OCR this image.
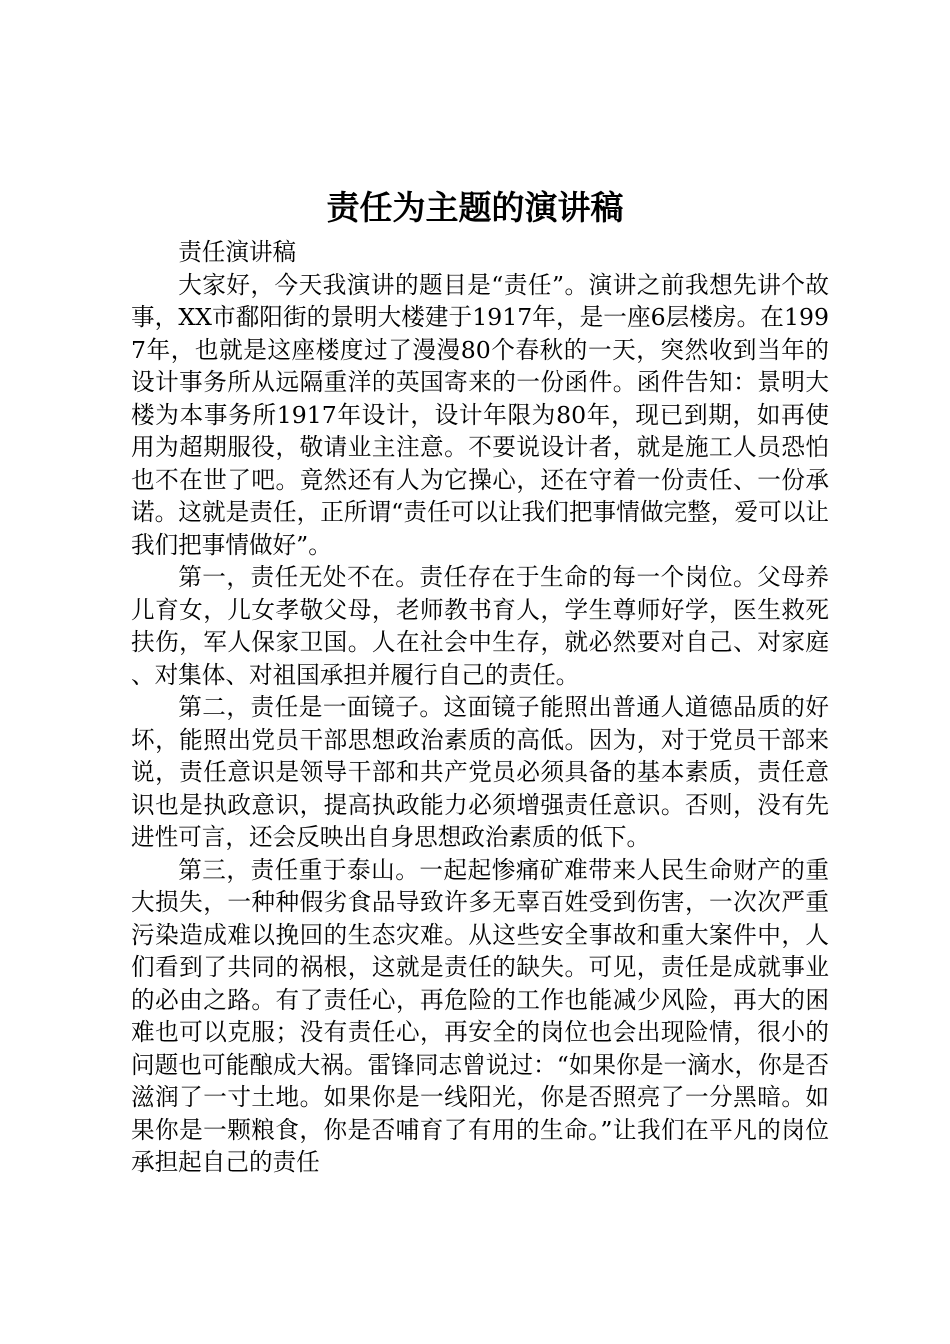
责任为主题的演讲稿

责任演讲稿

大家好，今天我演讲的题目是“责任”。演讲之前我想先讲个故事，XX市鄱阳街的景明大楼建于1917年，是一座6层楼房。在1997年，也就是这座楼度过了漫漫80个春秋的一天，突然收到当年的设计事务所从远隔重洋的英国寄来的一份函件。函件告知：景明大楼为本事务所1917年设计，设计年限为80年，现已到期，如再使用为超期服役，敬请业主注意。不要说设计者，就是施工人员恐怕也不在世了吧。竟然还有人为它操心，还在守着一份责任、一份承诺。这就是责任，正所谓“责任可以让我们把事情做完整，爱可以让我们把事情做好”。

第一，责任无处不在。责任存在于生命的每一个岗位。父母养儿育女，儿女孝敬父母，老师教书育人，学生尊师好学，医生救死扶伤，军人保家卫国。人在社会中生存，就必然要对自己、对家庭、对集体、对祖国承担并履行自己的责任。

第二，责任是一面镜子。这面镜子能照出普通人道德品质的好坏，能照出党员干部思想政治素质的高低。因为，对于党员干部来说，责任意识是领导干部和共产党员必须具备的基本素质，责任意识也是执政意识，提高执政能力必须增强责任意识。否则，没有先进性可言，还会反映出自身思想政治素质的低下。

第三，责任重于泰山。一起起惨痛矿难带来人民生命财产的重大损失，一种种假劣食品导致许多无辜百姓受到伤害，一次次严重污染造成难以挽回的生态灾难。从这些安全事故和重大案件中，人们看到了共同的祸根，这就是责任的缺失。可见，责任是成就事业的必由之路。有了责任心，再危险的工作也能减少风险，再大的困难也可以克服；没有责任心，再安全的岗位也会出现险情，很小的问题也可能酿成大祸。雷锋同志曾说过：“如果你是一滴水，你是否滋润了一寸土地。如果你是一线阳光，你是否照亮了一分黑暗。如果你是一颗粮食，你是否哺育了有用的生命。”让我们在平凡的岗位承担起自己的责任
